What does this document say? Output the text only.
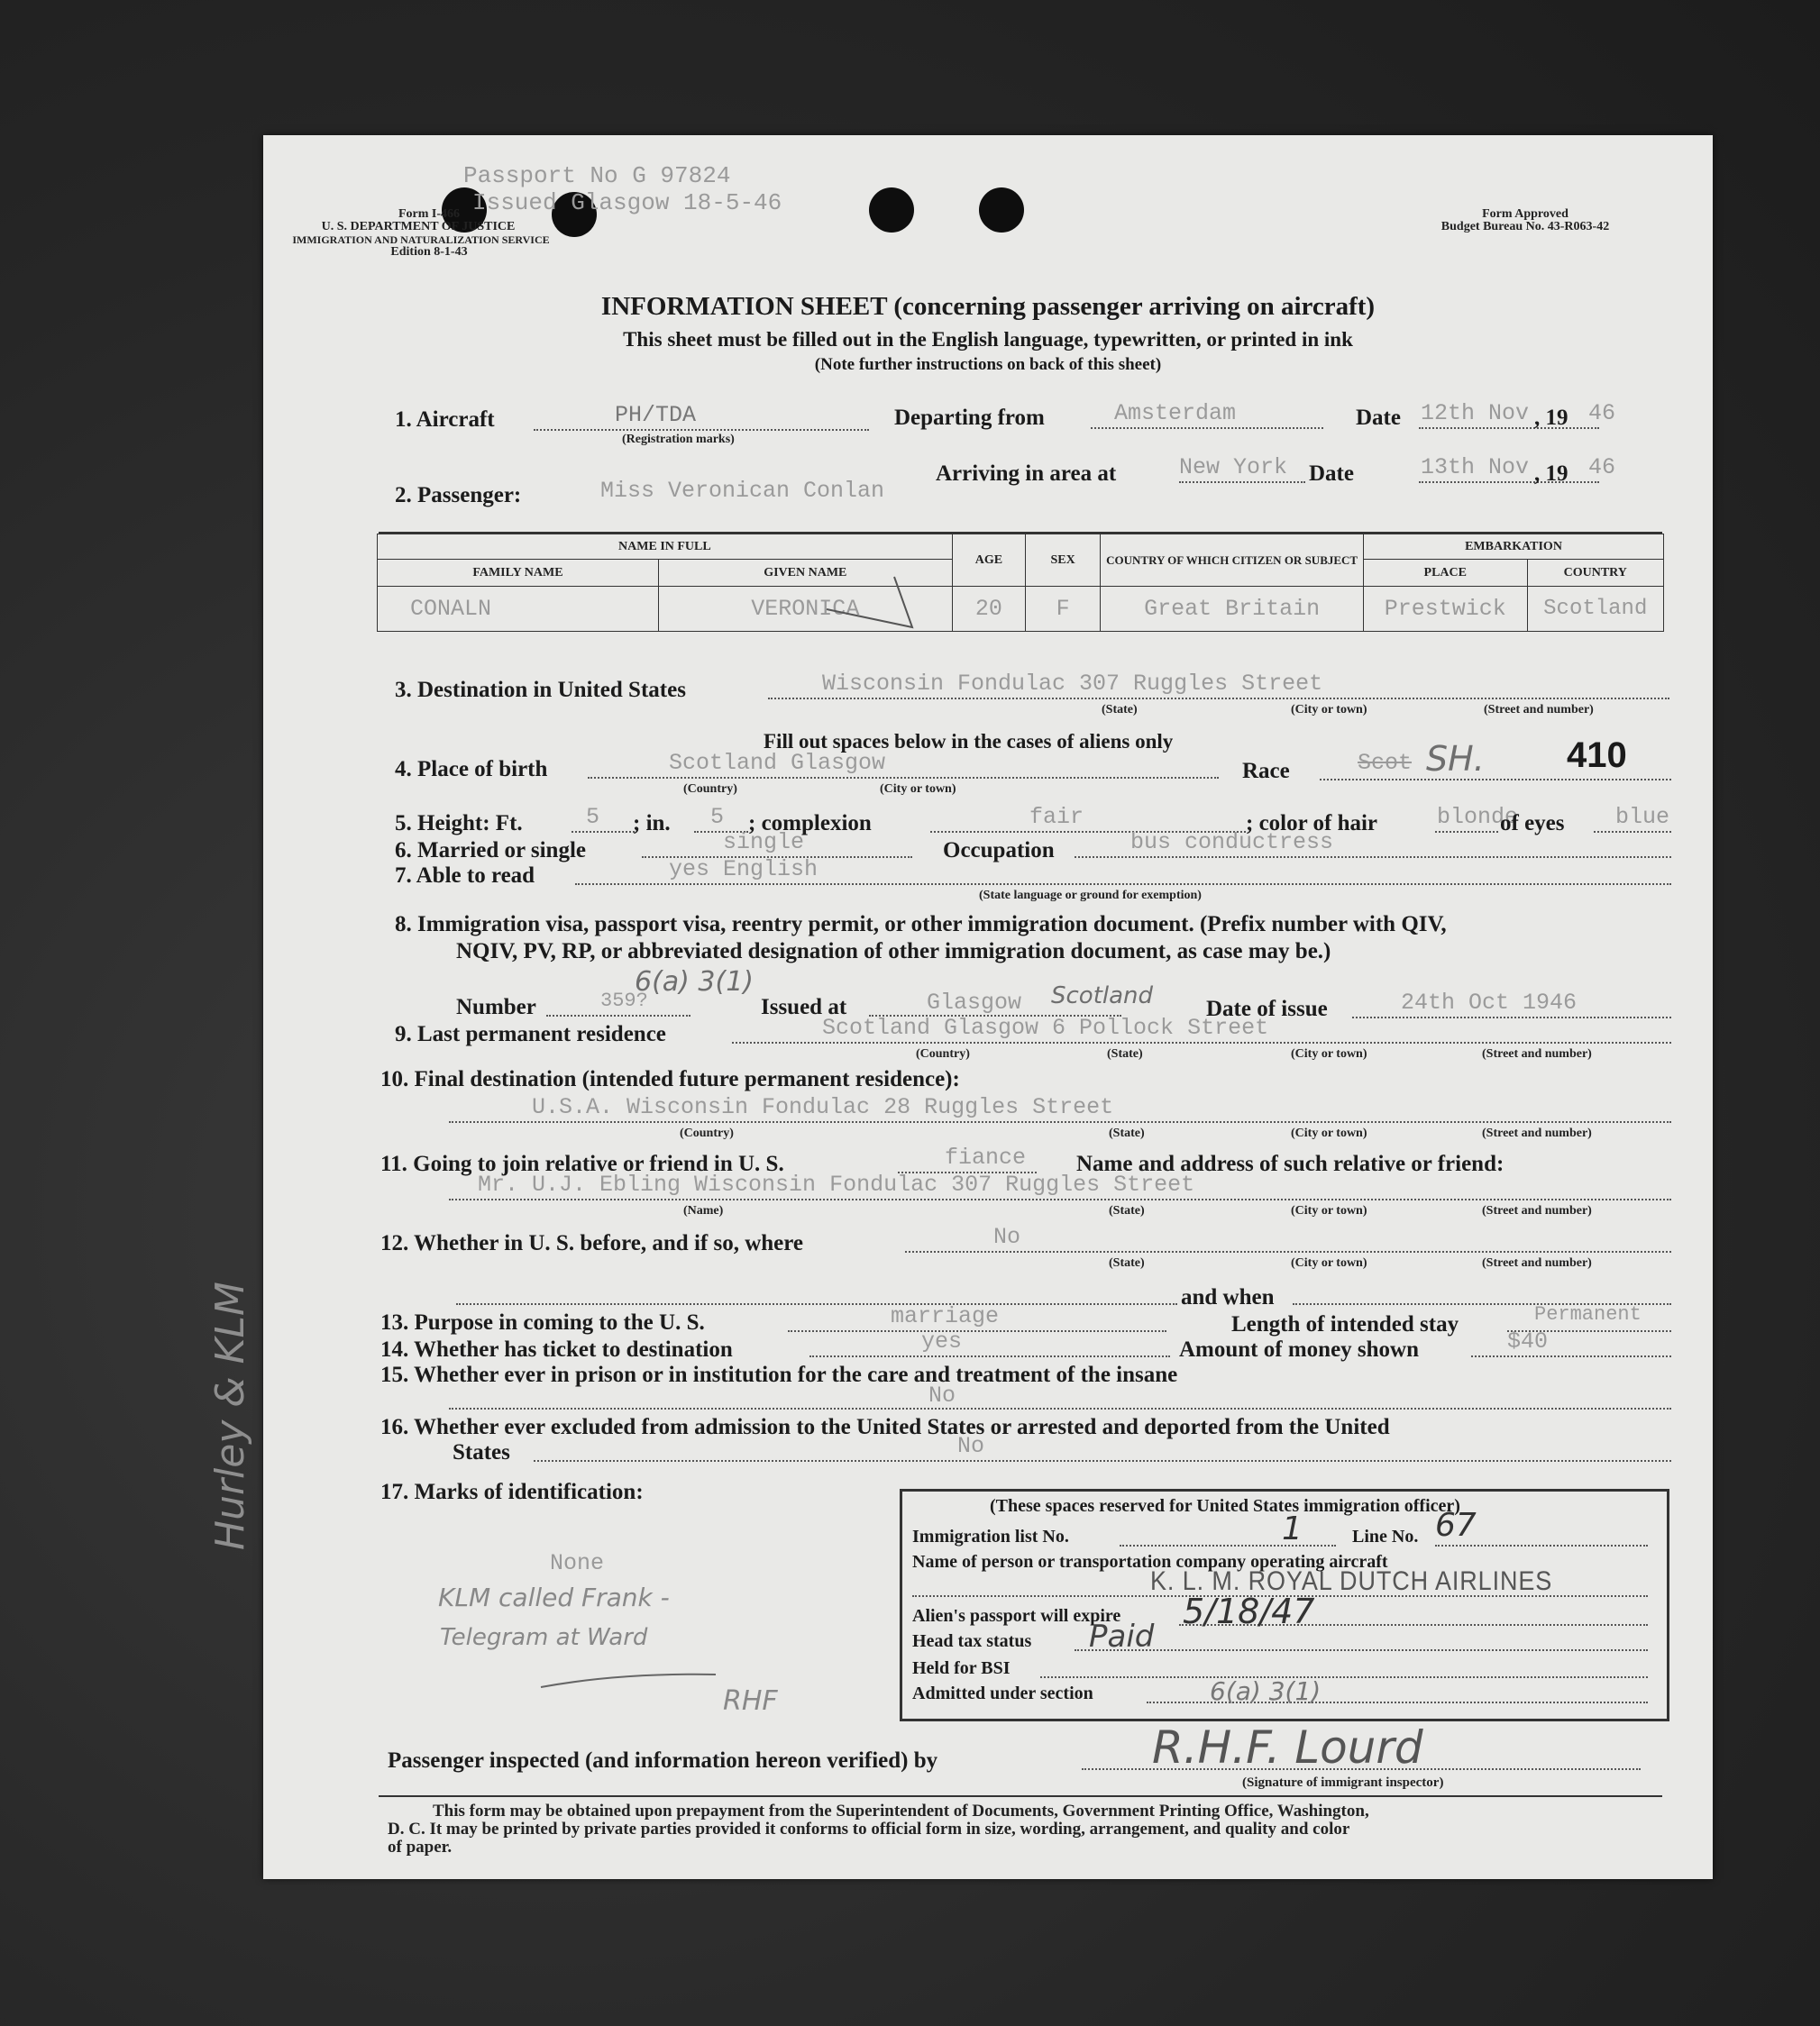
Hurley & KLM
Passport No G 97824
Issued Glasgow 18-5-46
Form I-466
U. S. DEPARTMENT OF JUSTICE
IMMIGRATION AND NATURALIZATION SERVICE
Edition 8-1-43
Form Approved
Budget Bureau No. 43-R063-42
INFORMATION SHEET (concerning passenger arriving on aircraft)
This sheet must be filled out in the English language, typewritten, or printed in ink
(Note further instructions on back of this sheet)
1. Aircraft	PH/TDA
(Registration marks)
Departing from	Amsterdam	Date 12th Nov , 19 46
Arriving in area at	New York Date	13th Nov , 19 46
2. Passenger:	Miss Veronican Conlan
NAME IN FULL		AGE	SEX	COUNTRY OF WHICH CITIZEN OR SUBJECT	EMBARKATION	
FAMILY NAME	GIVEN NAME				PLACE	COUNTRY
CONALN	VERONICA	20	F	Great Britain	Prestwick	Scotland
3. Destination in United States	Wisconsin Fondulac 307 Ruggles Street
(State)	(City or town)	(Street and number)
Fill out spaces below in the cases of aliens only
4. Place of birth	Scotland Glasgow
(Country)	(City or town)
Race	Scot SH. 410
5. Height: Ft.	5 ; in. 5 ; complexion	fair	; color of hair	blonde
of eyes blue
6. Married or single	single	Occupation	bus conductress
7. Able to read	yes English
(State language or ground for exemption)
8. Immigration visa, passport visa, reentry permit, or other immigration document. (Prefix number with QIV,
NQIV, PV, RP, or abbreviated designation of other immigration document, as case may be.)
6(a) 3(1)
Number	359?	Issued at	Glasgow Scotland Date of issue	24th Oct 1946
9. Last permanent residence	Scotland Glasgow 6 Pollock Street
(Country)	(State)	(City or town)	(Street and number)
10. Final destination (intended future permanent residence):
U.S.A. Wisconsin Fondulac 28 Ruggles Street
(Country)	(State)	(City or town)	(Street and number)
11. Going to join relative or friend in U. S.	fiance Name and address of such relative or friend:
Mr. U.J. Ebling Wisconsin Fondulac 307 Ruggles Street
(Name)	(State)	(City or town)	(Street and number)
12. Whether in U. S. before, and if so, where	No
(State)	(City or town)	(Street and number)
and when
13. Purpose in coming to the U. S.	marriage	Length of intended stay	Permanent
14. Whether has ticket to destination	yes	Amount of money shown	$40
15. Whether ever in prison or in institution for the care and treatment of the insane
No
16. Whether ever excluded from admission to the United States or arrested and deported from the United
States	No
17. Marks of identification:
None
KLM called Frank -
Telegram at Ward
RHF
(These spaces reserved for United States immigration officer)
Immigration list No.	1	Line No. 67
Name of person or transportation company operating aircraft
K. L. M. ROYAL DUTCH AIRLINES
Alien's passport will expire 5/18/47
Head tax status Paid
Held for BSI
Admitted under section	6(a) 3(1)
Passenger inspected (and information hereon verified) by	R.H.F. Lourd
(Signature of immigrant inspector)
This form may be obtained upon prepayment from the Superintendent of Documents, Government Printing Office, Washington,
D. C. It may be printed by private parties provided it conforms to official form in size, wording, arrangement, and quality and color
of paper.
